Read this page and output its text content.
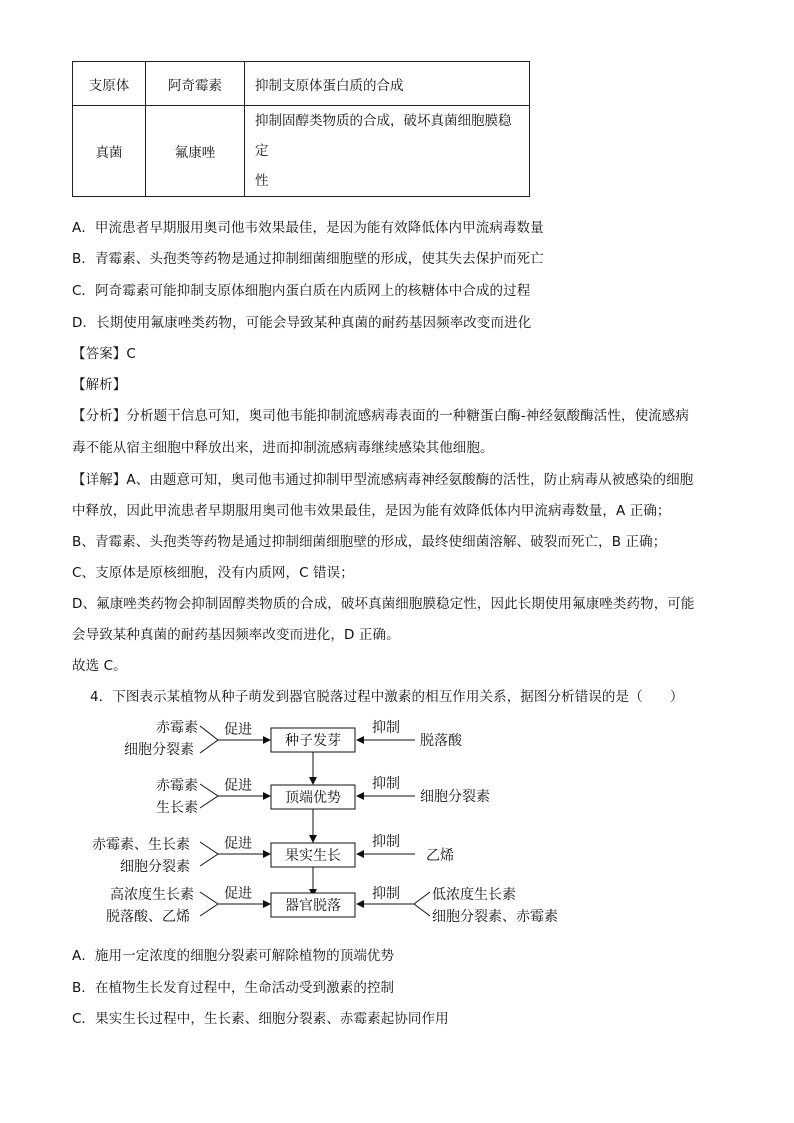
支原体	阿奇霉素	抑制支原体蛋白质的合成
真菌	氟康唑	抑制固醇类物质的合成，破坏真菌细胞膜稳定
性
A．甲流患者早期服用奥司他韦效果最佳，是因为能有效降低体内甲流病毒数量
B．青霉素、头孢类等药物是通过抑制细菌细胞壁的形成，使其失去保护而死亡
C．阿奇霉素可能抑制支原体细胞内蛋白质在内质网上的核糖体中合成的过程
D．长期使用氟康唑类药物，可能会导致某种真菌的耐药基因频率改变而进化
【答案】C
【解析】
【分析】分析题干信息可知，奥司他韦能抑制流感病毒表面的一种糖蛋白酶-神经氨酸酶活性，使流感病
毒不能从宿主细胞中释放出来，进而抑制流感病毒继续感染其他细胞。
【详解】A、由题意可知，奥司他韦通过抑制甲型流感病毒神经氨酸酶的活性，防止病毒从被感染的细胞
中释放，因此甲流患者早期服用奥司他韦效果最佳，是因为能有效降低体内甲流病毒数量，A 正确；
B、青霉素、头孢类等药物是通过抑制细菌细胞壁的形成，最终使细菌溶解、破裂而死亡，B 正确；
C、支原体是原核细胞，没有内质网，C 错误；
D、氟康唑类药物会抑制固醇类物质的合成，破坏真菌细胞膜稳定性，因此长期使用氟康唑类药物，可能
会导致某种真菌的耐药基因频率改变而进化，D 正确。
故选 C。
4．下图表示某植物从种子萌发到器官脱落过程中激素的相互作用关系，据图分析错误的是（　　）
赤霉素
细胞分裂素
促进
种子发芽
抑制
脱落酸
赤霉素
生长素
促进
顶端优势
抑制
细胞分裂素
赤霉素、生长素
细胞分裂素
促进
果实生长
抑制
乙烯
高浓度生长素
脱落酸、乙烯
促进
器官脱落
抑制 低浓度生长素
细胞分裂素、赤霉素
A．施用一定浓度的细胞分裂素可解除植物的顶端优势
B．在植物生长发育过程中，生命活动受到激素的控制
C．果实生长过程中，生长素、细胞分裂素、赤霉素起协同作用
